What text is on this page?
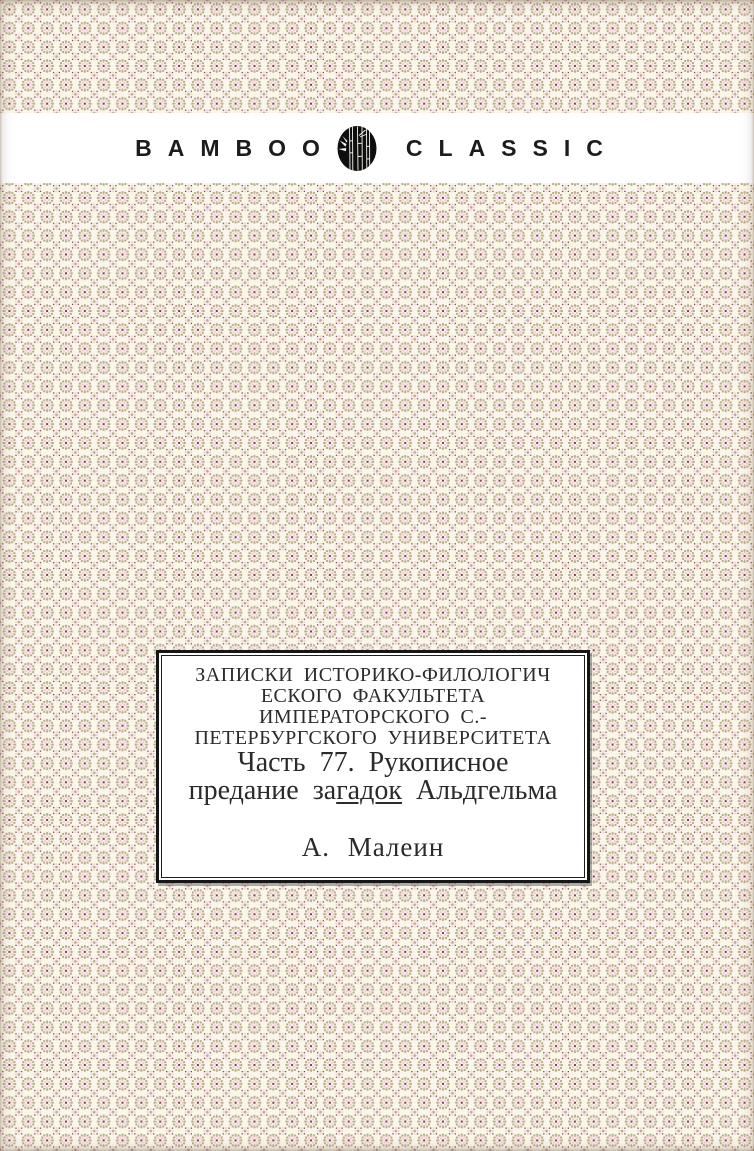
BAMBOO	CLASSIC
ЗАПИСКИ ИСТОРИКО-ФИЛОЛОГИЧ
ЕСКОГО ФАКУЛЬТЕТА
ИМПЕРАТОРСКОГО С.-
ПЕТЕРБУРГСКОГО УНИВЕРСИТЕТА
Часть 77. Рукописное
предание загадок Альдгельма
А. Малеин
